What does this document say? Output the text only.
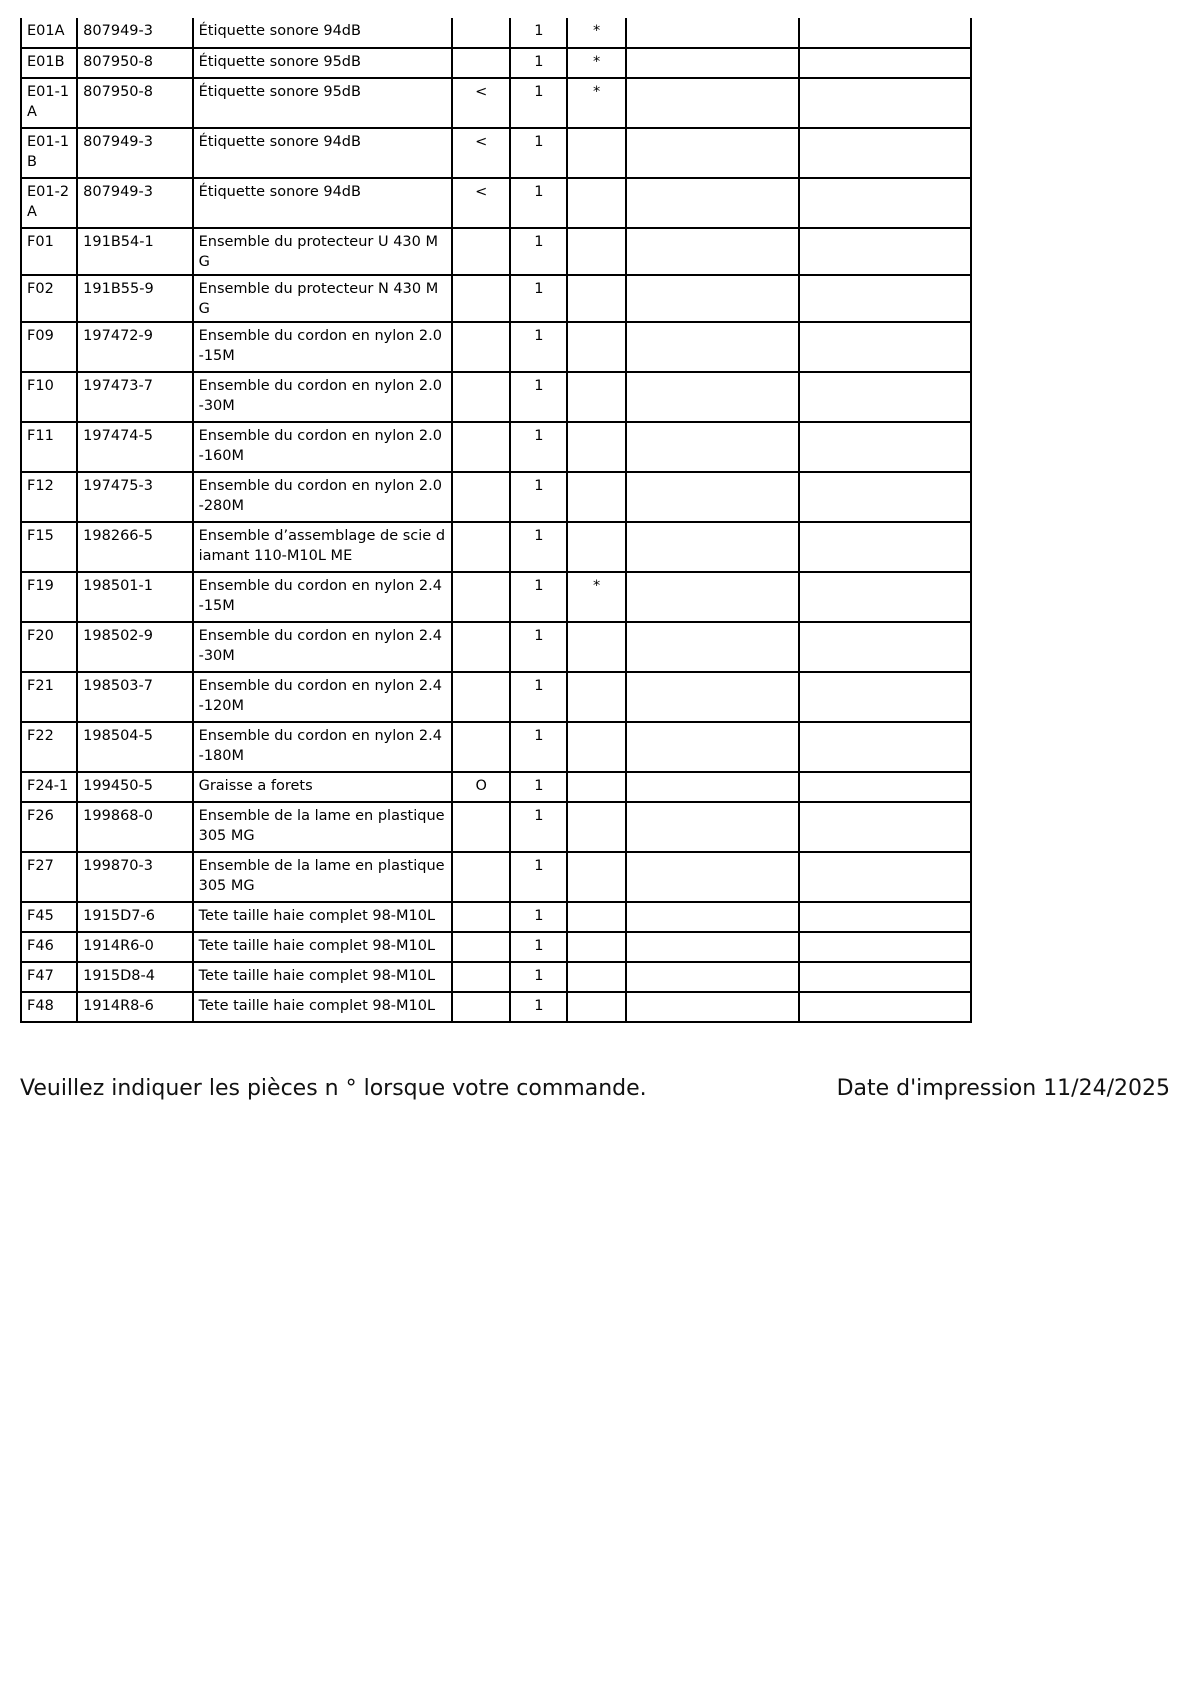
E01A	807949-3	Étiquette sonore 94dB		1	*		
E01B	807950-8	Étiquette sonore 95dB		1	*		
E01-1A	807950-8	Étiquette sonore 95dB	<	1	*		
E01-1B	807949-3	Étiquette sonore 94dB	<	1			
E01-2A	807949-3	Étiquette sonore 94dB	<	1			
F01	191B54-1	Ensemble du protecteur U 430 MG		1			
F02	191B55-9	Ensemble du protecteur N 430 MG		1			
F09	197472-9	Ensemble du cordon en nylon 2.0-15M		1			
F10	197473-7	Ensemble du cordon en nylon 2.0-30M		1			
F11	197474-5	Ensemble du cordon en nylon 2.0-160M		1			
F12	197475-3	Ensemble du cordon en nylon 2.0-280M		1			
F15	198266-5	Ensemble d’assemblage de scie diamant 110-M10L ME		1			
F19	198501-1	Ensemble du cordon en nylon 2.4-15M		1	*		
F20	198502-9	Ensemble du cordon en nylon 2.4-30M		1			
F21	198503-7	Ensemble du cordon en nylon 2.4-120M		1			
F22	198504-5	Ensemble du cordon en nylon 2.4-180M		1			
F24-1	199450-5	Graisse a forets	O	1			
F26	199868-0	Ensemble de la lame en plastique 305 MG		1			
F27	199870-3	Ensemble de la lame en plastique 305 MG		1			
F45	1915D7-6	Tete taille haie complet 98-M10L		1			
F46	1914R6-0	Tete taille haie complet 98-M10L		1			
F47	1915D8-4	Tete taille haie complet 98-M10L		1			
F48	1914R8-6	Tete taille haie complet 98-M10L		1			
Veuillez indiquer les pièces n ° lorsque votre commande.	Date d'impression 11/24/2025
